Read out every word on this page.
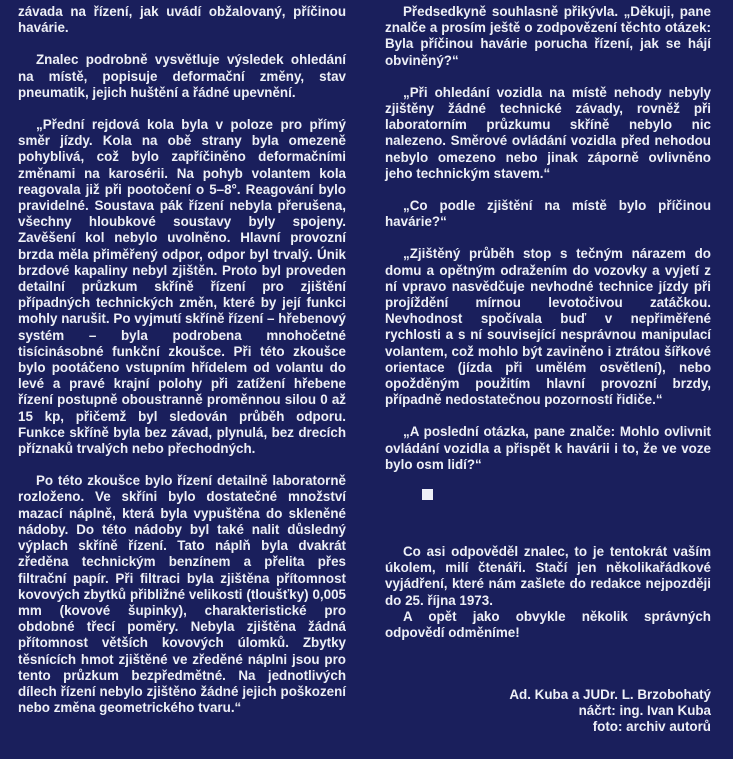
závada na řízení, jak uvádí obžalovaný, příčinou havárie.

Znalec podrobně vysvětluje výsledek ohledání na místě, popisuje deformační změny, stav pneumatik, jejich huštění a řádné upevnění.

„Přední rejdová kola byla v poloze pro přímý směr jízdy. Kola na obě strany byla omezeně pohyblivá, což bylo zapříčiněno deformačními změnami na karosérii. Na pohyb volantem kola reagovala již při pootočení o 5–8°. Reagování bylo pravidelné. Soustava pák řízení nebyla přerušena, všechny hloubkové soustavy byly spojeny. Zavěšení kol nebylo uvolněno. Hlavní provozní brzda měla přiměřený odpor, odpor byl trvalý. Únik brzdové kapaliny nebyl zjištěn. Proto byl proveden detailní průzkum skříně řízení pro zjištění případných technických změn, které by její funkci mohly narušit. Po vyjmutí skříně řízení – hřebenový systém – byla podrobena mnohočetné tisícinásobné funkční zkoušce. Při této zkoušce bylo pootáčeno vstupním hřídelem od volantu do levé a pravé krajní polohy při zatížení hřebene řízení postupně oboustranně proměnnou silou 0 až 15 kp, přičemž byl sledován průběh odporu. Funkce skříně byla bez závad, plynulá, bez drecích příznaků trvalých nebo přechodných.

Po této zkoušce bylo řízení detailně laboratorně rozloženo. Ve skříni bylo dostatečné množství mazací náplně, která byla vypuštěna do skleněné nádoby. Do této nádoby byl také nalit důsledný výplach skříně řízení. Tato náplň byla dvakrát zředěna technickým benzínem a přelita přes filtrační papír. Při filtraci byla zjištěna přítomnost kovových zbytků přibližné velikosti (tloušťky) 0,005 mm (kovové šupinky), charakteristické pro obdobné třecí poměry. Nebyla zjištěna žádná přítomnost větších kovových úlomků. Zbytky těsnících hmot zjištěné ve zředěné náplni jsou pro tento průzkum bezpředmětné. Na jednotlivých dílech řízení nebylo zjištěno žádné jejich poškození nebo změna geometrického tvaru.“

Předsedkyně souhlasně přikývla. „Děkuji, pane znalče a prosím ještě o zodpovězení těchto otázek: Byla příčinou havárie porucha řízení, jak se hájí obviněný?“

„Při ohledání vozidla na místě nehody nebyly zjištěny žádné technické závady, rovněž při laboratorním průzkumu skříně nebylo nic nalezeno. Směrové ovládání vozidla před nehodou nebylo omezeno nebo jinak záporně ovlivněno jeho technickým stavem.“

„Co podle zjištění na místě bylo příčinou havárie?“

„Zjištěný průběh stop s tečným nárazem do domu a opětným odražením do vozovky a vyjetí z ní vpravo nasvědčuje nevhodné technice jízdy při projíždění mírnou levotočivou zatáčkou. Nevhodnost spočívala buď v nepřiměřené rychlosti a s ní související nesprávnou manipulací volantem, což mohlo být zaviněno i ztrátou šířkové orientace (jízda při umělém osvětlení), nebo opožděným použitím hlavní provozní brzdy, případně nedostatečnou pozorností řidiče.“

„A poslední otázka, pane znalče: Mohlo ovlivnit ovládání vozidla a přispět k havárii i to, že ve voze bylo osm lidí?“

Co asi odpověděl znalec, to je tentokrát vaším úkolem, milí čtenáři. Stačí jen několikařádkové vyjádření, které nám zašlete do redakce nejpozději do 25. října 1973.

A opět jako obvykle několik správných odpovědí odměníme!

Ad. Kuba a JUDr. L. Brzobohatý
náčrt: ing. Ivan Kuba
foto: archiv autorů
